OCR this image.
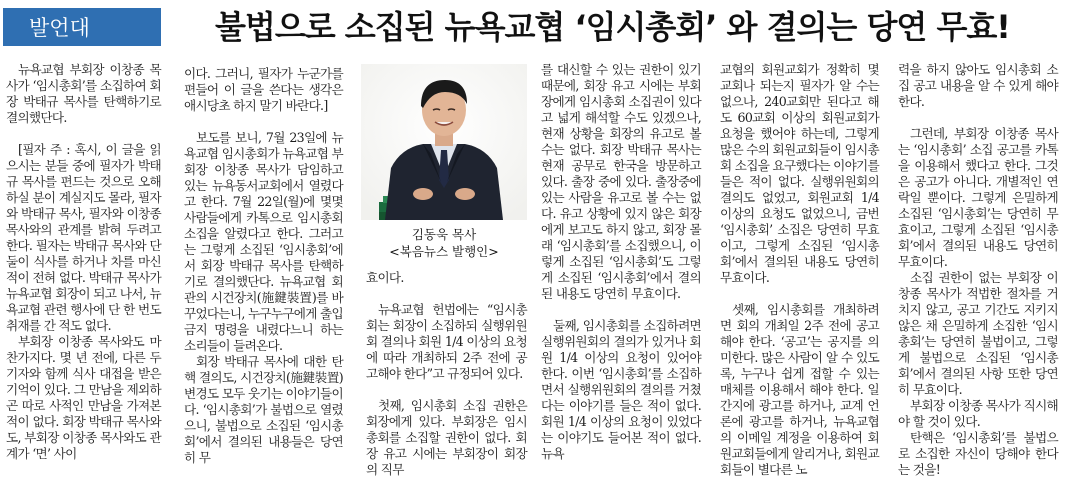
발언대	불법으로 소집된 뉴욕교협 ‘임시총회’ 와 결의는 당연 무효!

뉴욕교협 부회장 이창종 목사가 ‘임시총회’를 소집하여 회장 박태규 목사를 탄핵하기로 결의했단다.

[필자 주 : 혹시, 이 글을 읽으시는 분들 중에 필자가 박태규 목사를 편드는 것으로 오해하실 분이 계실지도 몰라, 필자와 박태규 목사, 필자와 이창종 목사와의 관계를 밝혀 두려고 한다. 필자는 박태규 목사와 단둘이 식사를 하거나 차를 마신 적이 전혀 없다. 박태규 목사가 뉴욕교협 회장이 되고 나서, 뉴욕교협 관련 행사에 단 한 번도 취재를 간 적도 없다.

부회장 이창종 목사와도 마찬가지다. 몇 년 전에, 다른 두 기자와 함께 식사 대접을 받은 기억이 있다. 그 만남을 제외하곤 따로 사적인 만남을 가져본 적이 없다. 회장 박태규 목사와도, 부회장 이창종 목사와도 관계가 ‘면’ 사이

이다. 그러니, 필자가 누군가를 편들어 이 글을 쓴다는 생각은 애시당초 하지 말기 바란다.]

보도를 보니, 7월 23일에 뉴욕교협 임시총회가 뉴욕교협 부회장 이창종 목사가 담임하고 있는 뉴욕동서교회에서 열렸다고 한다. 7월 22일(월)에 몇몇 사람들에게 카톡으로 임시총회 소집을 알렸다고 한다. 그러고는 그렇게 소집된 ‘임시총회’에서 회장 박태규 목사를 탄핵하기로 결의했단다. 뉴욕교협 회관의 시건장치(施鍵裝置)를 바꾸었다는니, 누구누구에게 출입금지 명령을 내렸다느니 하는 소리들이 들려온다.

회장 박태규 목사에 대한 탄핵 결의도, 시건장치(施鍵裝置) 변경도 모두 웃기는 이야기들이다. ‘임시총회’가 불법으로 열렸으니, 불법으로 소집된 ‘임시총회’에서 결의된 내용들은 당연히 무

김동욱 목사
<복음뉴스 발행인>

효이다.

뉴욕교협 헌법에는 “임시총회는 회장이 소집하되 실행위원회 결의나 회원 1/4 이상의 요청에 따라 개최하되 2주 전에 공고해야 한다”고 규정되어 있다.

첫째, 임시총회 소집 권한은 회장에게 있다. 부회장은 임시총회를 소집할 권한이 없다. 회장 유고 시에는 부회장이 회장의 직무

를 대신할 수 있는 권한이 있기 때문에, 회장 유고 시에는 부회장에게 임시총회 소집권이 있다고 넓게 해석할 수도 있겠으나, 현재 상황을 회장의 유고로 볼 수는 없다. 회장 박태규 목사는 현재 공무로 한국을 방문하고 있다. 출장 중에 있다. 출장중에 있는 사람을 유고로 볼 수는 없다. 유고 상황에 있지 않은 회장에게 보고도 하지 않고, 회장 몰래 ‘임시총회’를 소집했으니, 이렇게 소집된 ‘임시총회’도 그렇게 소집된 ‘임시총회’에서 결의된 내용도 당연히 무효이다.

둘째, 임시총회를 소집하려면 실행위원회의 결의가 있거나 회원 1/4 이상의 요청이 있어야 한다. 이번 ‘임시총회’를 소집하면서 실행위원회의 결의를 거쳤다는 이야기를 들은 적이 없다. 회원 1/4 이상의 요청이 있었다는 이야기도 들어본 적이 없다. 뉴욕

교협의 회원교회가 정확히 몇 교회나 되는지 필자가 알 수는 없으나, 240교회만 된다고 해도 60교회 이상의 회원교회가 요청을 했어야 하는데, 그렇게 많은 수의 회원교회들이 임시총회 소집을 요구했다는 이야기를 들은 적이 없다. 실행위원회의 결의도 없었고, 회원교회 1/4 이상의 요청도 없었으니, 금번 ‘임시총회’ 소집은 당연히 무효이고, 그렇게 소집된 ‘임시총회’에서 결의된 내용도 당연히 무효이다.

셋째, 임시총회를 개최하려면 회의 개최일 2주 전에 공고해야 한다. ‘공고’는 공지를 의미한다. 많은 사람이 알 수 있도록, 누구나 쉽게 접할 수 있는 매체를 이용해서 해야 한다. 일간지에 광고를 하거나, 교계 언론에 광고를 하거나, 뉴욕교협의 이메일 계정을 이용하여 회원교회들에게 알리거나, 회원교회들이 별다른 노

력을 하지 않아도 임시총회 소집 공고 내용을 알 수 있게 해야 한다.

그런데, 부회장 이창종 목사는 ‘임시총회’ 소집 공고를 카톡을 이용해서 했다고 한다. 그것은 공고가 아니다. 개별적인 연락일 뿐이다. 그렇게 은밀하게 소집된 ‘임시총회’는 당연히 무효이고, 그렇게 소집된 ‘임시총회’에서 결의된 내용도 당연히 무효이다.

소집 권한이 없는 부회장 이창종 목사가 적법한 절차를 거치지 않고, 공고 기간도 지키지 않은 채 은밀하게 소집한 ‘임시총회’는 당연히 불법이고, 그렇게 불법으로 소집된 ‘임시총회’에서 결의된 사항 또한 당연히 무효이다.

부회장 이창종 목사가 직시해야 할 것이 있다.

탄핵은 ‘임시총회’를 불법으로 소집한 자신이 당해야 한다는 것을!
